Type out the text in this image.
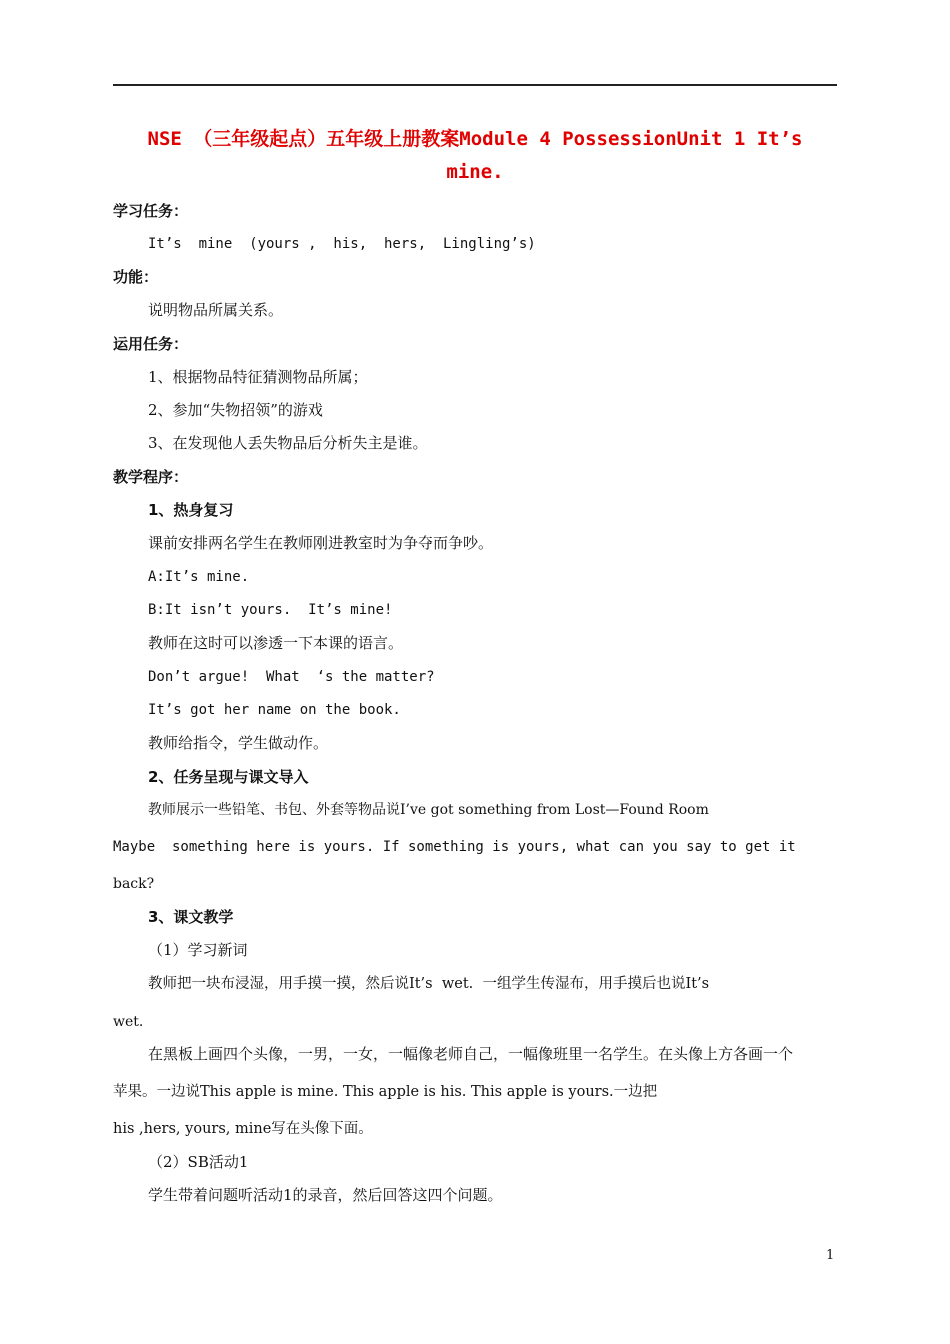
NSE （三年级起点）五年级上册教案Module 4 PossessionUnit 1 It’s
mine.
学习任务：
It’s  mine  (yours ,  his,  hers,  Lingling’s)
功能：
说明物品所属关系。
运用任务：
1、根据物品特征猜测物品所属；
2、参加“失物招领”的游戏
3、在发现他人丢失物品后分析失主是谁。
教学程序：
1、热身复习
课前安排两名学生在教师刚进教室时为争夺而争吵。
A:It’s mine.
B:It isn’t yours.  It’s mine!
教师在这时可以渗透一下本课的语言。
Don’t argue!  What  ‘s the matter?
It’s got her name on the book.
教师给指令，学生做动作。
2、任务呈现与课文导入
教师展示一些铅笔、书包、外套等物品说I’ve got something from Lost—Found Room
Maybe  something here is yours. If something is yours, what can you say to get it
back?
3、课文教学
（1）学习新词
教师把一块布浸湿，用手摸一摸，然后说It’s  wet.  一组学生传湿布，用手摸后也说It’s
wet.
在黑板上画四个头像，一男，一女，一幅像老师自己，一幅像班里一名学生。在头像上方各画一个
苹果。一边说This apple is mine. This apple is his. This apple is yours.一边把
his ,hers, yours, mine写在头像下面。
（2）SB活动1
学生带着问题听活动1的录音，然后回答这四个问题。
1
